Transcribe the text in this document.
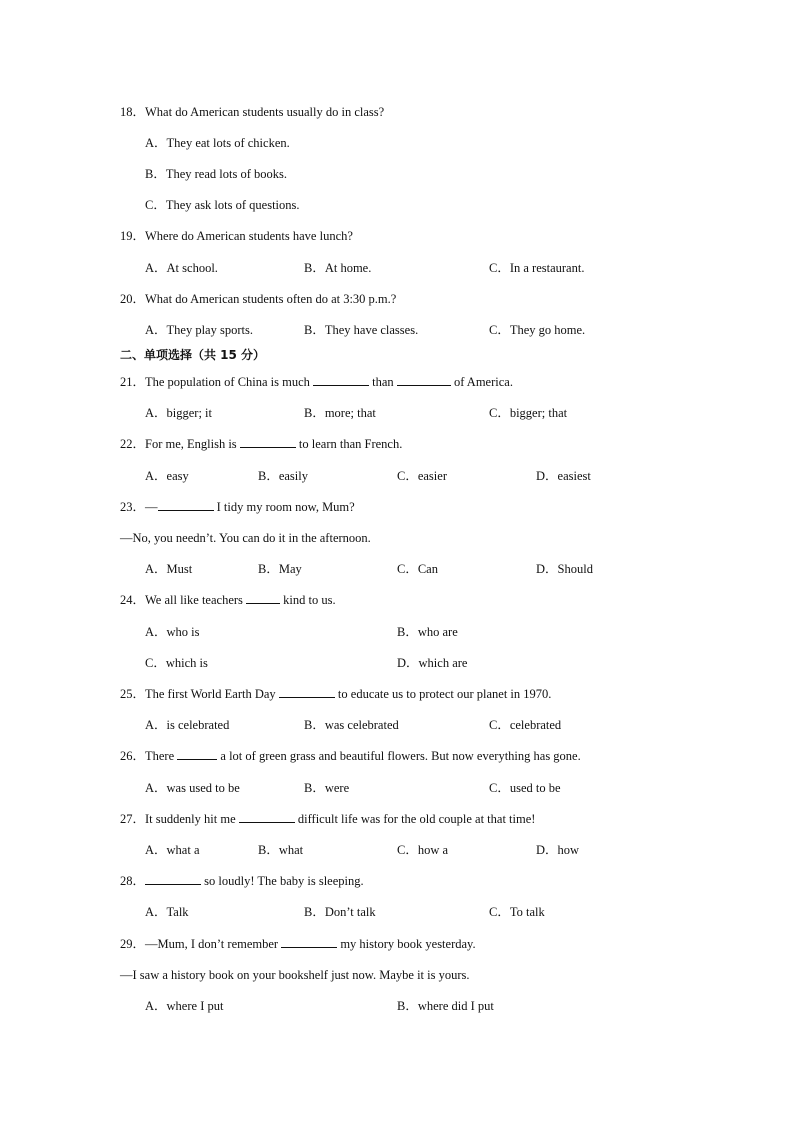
18．What do American students usually do in class?
A．They eat lots of chicken.
B．They read lots of books.
C．They ask lots of questions.
19．Where do American students have lunch?
A．At school.	B．At home.	C．In a restaurant.
20．What do American students often do at 3:30 p.m.?
A．They play sports.	B．They have classes.	C．They go home.
二、单项选择（共 15 分）
21．The population of China is much	than	of America.
A．bigger; it	B．more; that	C．bigger; that
22．For me, English is	to learn than French.
A．easy	B．easily	C．easier	D．easiest
23．—	I tidy my room now, Mum?
—No, you needn’t. You can do it in the afternoon.
A．Must	B．May	C．Can	D．Should
24．We all like teachers	kind to us.
A．who is	B．who are
C．which is	D．which are
25．The first World Earth Day	to educate us to protect our planet in 1970.
A．is celebrated	B．was celebrated	C．celebrated
26．There	a lot of green grass and beautiful flowers. But now everything has gone.
A．was used to be	B．were	C．used to be
27．It suddenly hit me	difficult life was for the old couple at that time!
A．what a	B．what	C．how a	D．how
28．	so loudly! The baby is sleeping.
A．Talk	B．Don’t talk	C．To talk
29．—Mum, I don’t remember	my history book yesterday.
—I saw a history book on your bookshelf just now. Maybe it is yours.
A．where I put	B．where did I put
